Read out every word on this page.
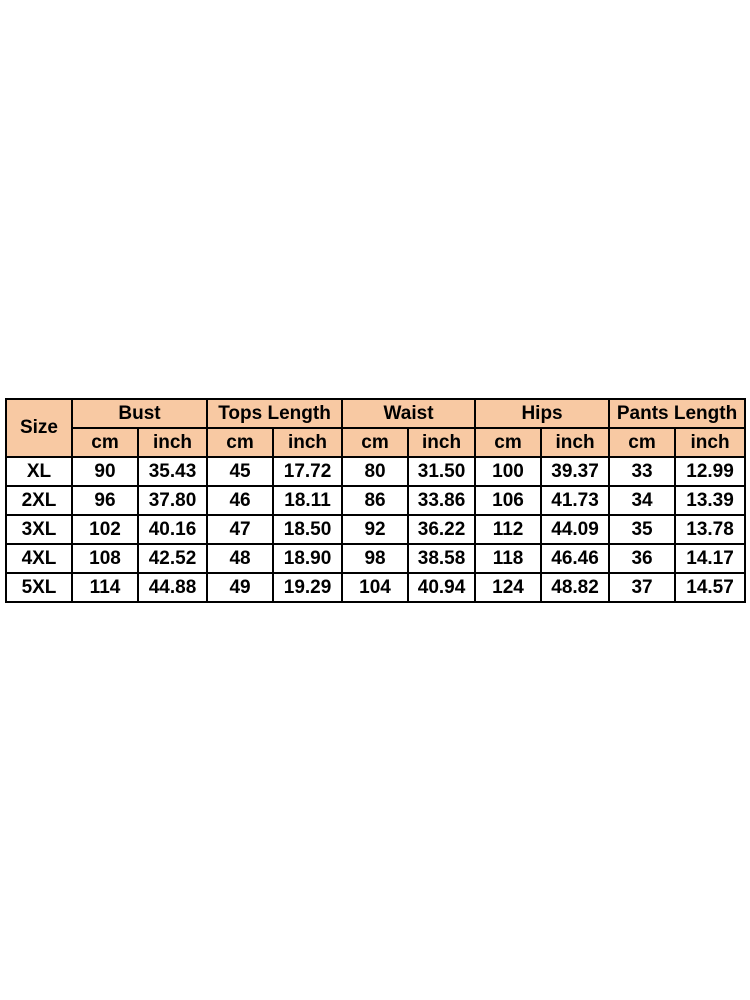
Size	Bust		Tops Length		Waist		Hips		Pants Length	
	cm	inch	cm	inch	cm	inch	cm	inch	cm	inch
XL	90	35.43	45	17.72	80	31.50	100	39.37	33	12.99
2XL	96	37.80	46	18.11	86	33.86	106	41.73	34	13.39
3XL	102	40.16	47	18.50	92	36.22	112	44.09	35	13.78
4XL	108	42.52	48	18.90	98	38.58	118	46.46	36	14.17
5XL	114	44.88	49	19.29	104	40.94	124	48.82	37	14.57
